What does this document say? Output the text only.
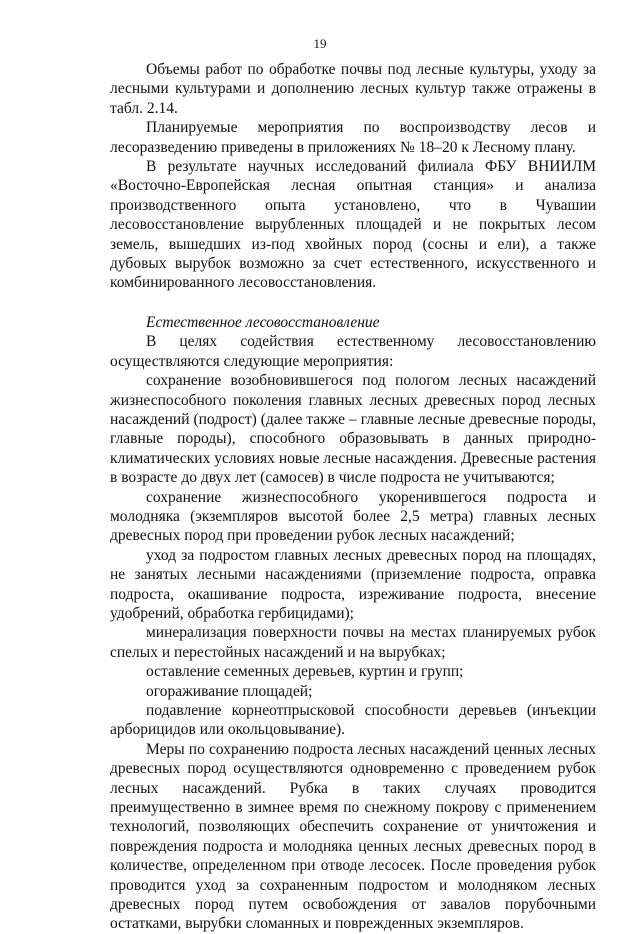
19

Объемы работ по обработке почвы под лесные культуры, уходу за лесными культурами и дополнению лесных культур также отражены в табл. 2.14.

Планируемые мероприятия по воспроизводству лесов и лесоразведению приведены в приложениях № 18–20 к Лесному плану.

В результате научных исследований филиала ФБУ ВНИИЛМ «Восточно-Европейская лесная опытная станция» и анализа производственного опыта установлено, что в Чувашии лесовосстановление вырубленных площадей и не покрытых лесом земель, вышедших из-под хвойных пород (сосны и ели), а также дубовых вырубок возможно за счет естественного, искусственного и комбинированного лесовосстановления.

Естественное лесовосстановление

В целях содействия естественному лесовосстановлению осуществляются следующие мероприятия:

сохранение возобновившегося под пологом лесных насаждений жизнеспособного поколения главных лесных древесных пород лесных насаждений (подрост) (далее также – главные лесные древесные породы, главные породы), способного образовывать в данных природно-климатических условиях новые лесные насаждения. Древесные растения в возрасте до двух лет (самосев) в числе подроста не учитываются;

сохранение жизнеспособного укоренившегося подроста и молодняка (экземпляров высотой более 2,5 метра) главных лесных древесных пород при проведении рубок лесных насаждений;

уход за подростом главных лесных древесных пород на площадях, не занятых лесными насаждениями (приземление подроста, оправка подроста, окашивание подроста, изреживание подроста, внесение удобрений, обработка гербицидами);

минерализация поверхности почвы на местах планируемых рубок спелых и перестойных насаждений и на вырубках;

оставление семенных деревьев, куртин и групп;

огораживание площадей;

подавление корнеотпрысковой способности деревьев (инъекции арборицидов или окольцовывание).

Меры по сохранению подроста лесных насаждений ценных лесных древесных пород осуществляются одновременно с проведением рубок лесных насаждений. Рубка в таких случаях проводится преимущественно в зимнее время по снежному покрову с применением технологий, позволяющих обеспечить сохранение от уничтожения и повреждения подроста и молодняка ценных лесных древесных пород в количестве, определенном при отводе лесосек. После проведения рубок проводится уход за сохраненным подростом и молодняком лесных древесных пород путем освобождения от завалов порубочными остатками, вырубки сломанных и поврежденных экземпляров.
